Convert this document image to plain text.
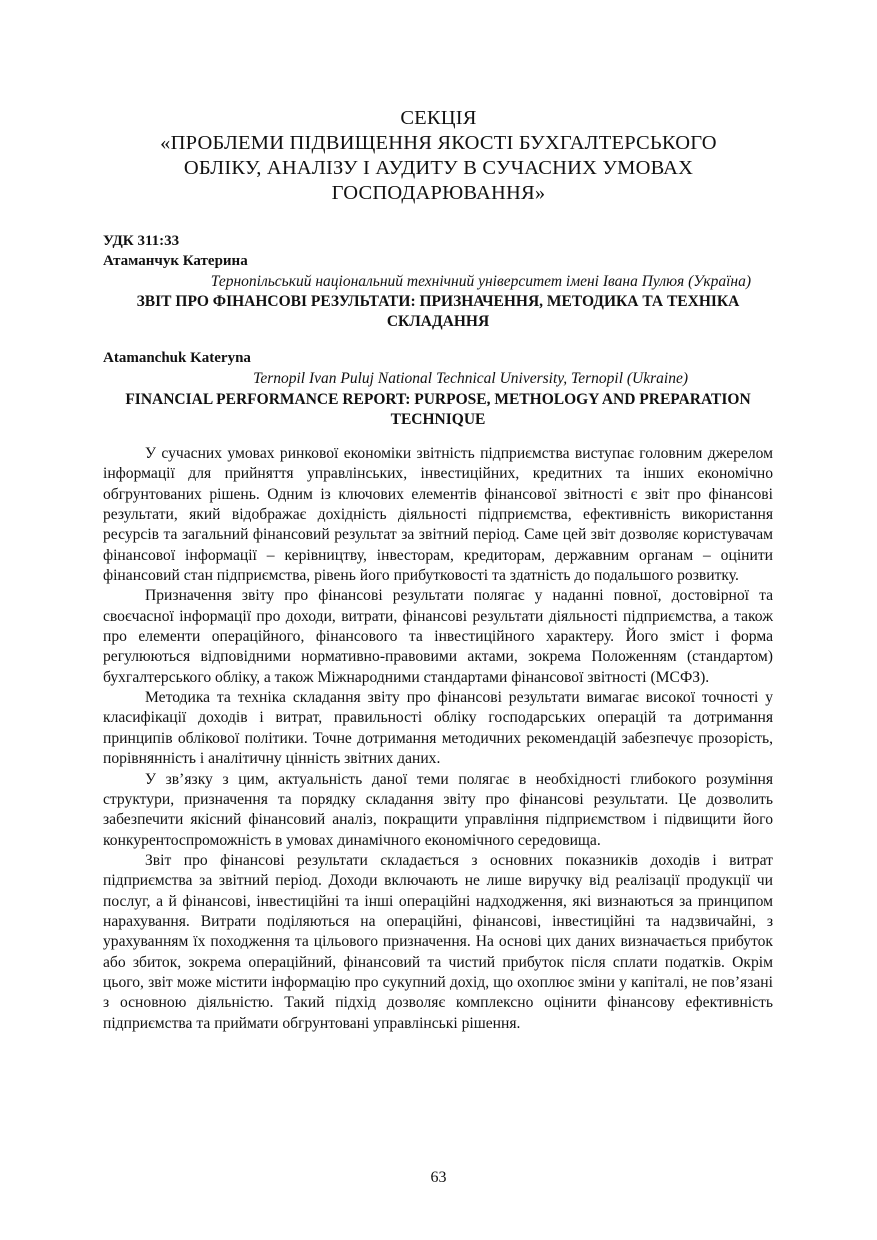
СЕКЦІЯ
«ПРОБЛЕМИ ПІДВИЩЕННЯ ЯКОСТІ БУХГАЛТЕРСЬКОГО
ОБЛІКУ, АНАЛІЗУ І АУДИТУ В СУЧАСНИХ УМОВАХ
ГОСПОДАРЮВАННЯ»
УДК 311:33
Атаманчук Катерина
Тернопільський національний технічний університет імені Івана Пулюя (Україна)
ЗВІТ ПРО ФІНАНСОВІ РЕЗУЛЬТАТИ: ПРИЗНАЧЕННЯ, МЕТОДИКА ТА ТЕХНІКА СКЛАДАННЯ
Atamanchuk Kateryna
Ternopil Ivan Puluj National Technical University, Ternopil (Ukraine)
FINANCIAL PERFORMANCE REPORT: PURPOSE, METHOLOGY AND PREPARATION TECHNIQUE

У сучасних умовах ринкової економіки звітність підприємства виступає головним джерелом інформації для прийняття управлінських, інвестиційних, кредитних та інших економічно обгрунтованих рішень. Одним із ключових елементів фінансової звітності є звіт про фінансові результати, який відображає дохідність діяльності підприємства, ефективність використання ресурсів та загальний фінансовий результат за звітний період. Саме цей звіт дозволяє користувачам фінансової інформації – керівництву, інвесторам, кредиторам, державним органам – оцінити фінансовий стан підприємства, рівень його прибутковості та здатність до подальшого розвитку.

Призначення звіту про фінансові результати полягає у наданні повної, достовірної та своєчасної інформації про доходи, витрати, фінансові результати діяльності підприємства, а також про елементи операційного, фінансового та інвестиційного характеру. Його зміст і форма регулюються відповідними нормативно-правовими актами, зокрема Положенням (стандартом) бухгалтерського обліку, а також Міжнародними стандартами фінансової звітності (МСФЗ).

Методика та техніка складання звіту про фінансові результати вимагає високої точності у класифікації доходів і витрат, правильності обліку господарських операцій та дотримання принципів облікової політики. Точне дотримання методичних рекомендацій забезпечує прозорість, порівнянність і аналітичну цінність звітних даних.

У зв’язку з цим, актуальність даної теми полягає в необхідності глибокого розуміння структури, призначення та порядку складання звіту про фінансові результати. Це дозволить забезпечити якісний фінансовий аналіз, покращити управління підприємством і підвищити його конкурентоспроможність в умовах динамічного економічного середовища.

Звіт про фінансові результати складається з основних показників доходів і витрат підприємства за звітний період. Доходи включають не лише виручку від реалізації продукції чи послуг, а й фінансові, інвестиційні та інші операційні надходження, які визнаються за принципом нарахування. Витрати поділяються на операційні, фінансові, інвестиційні та надзвичайні, з урахуванням їх походження та цільового призначення. На основі цих даних визначається прибуток або збиток, зокрема операційний, фінансовий та чистий прибуток після сплати податків. Окрім цього, звіт може містити інформацію про сукупний дохід, що охоплює зміни у капіталі, не пов’язані з основною діяльністю. Такий підхід дозволяє комплексно оцінити фінансову ефективність підприємства та приймати обгрунтовані управлінські рішення.

63
